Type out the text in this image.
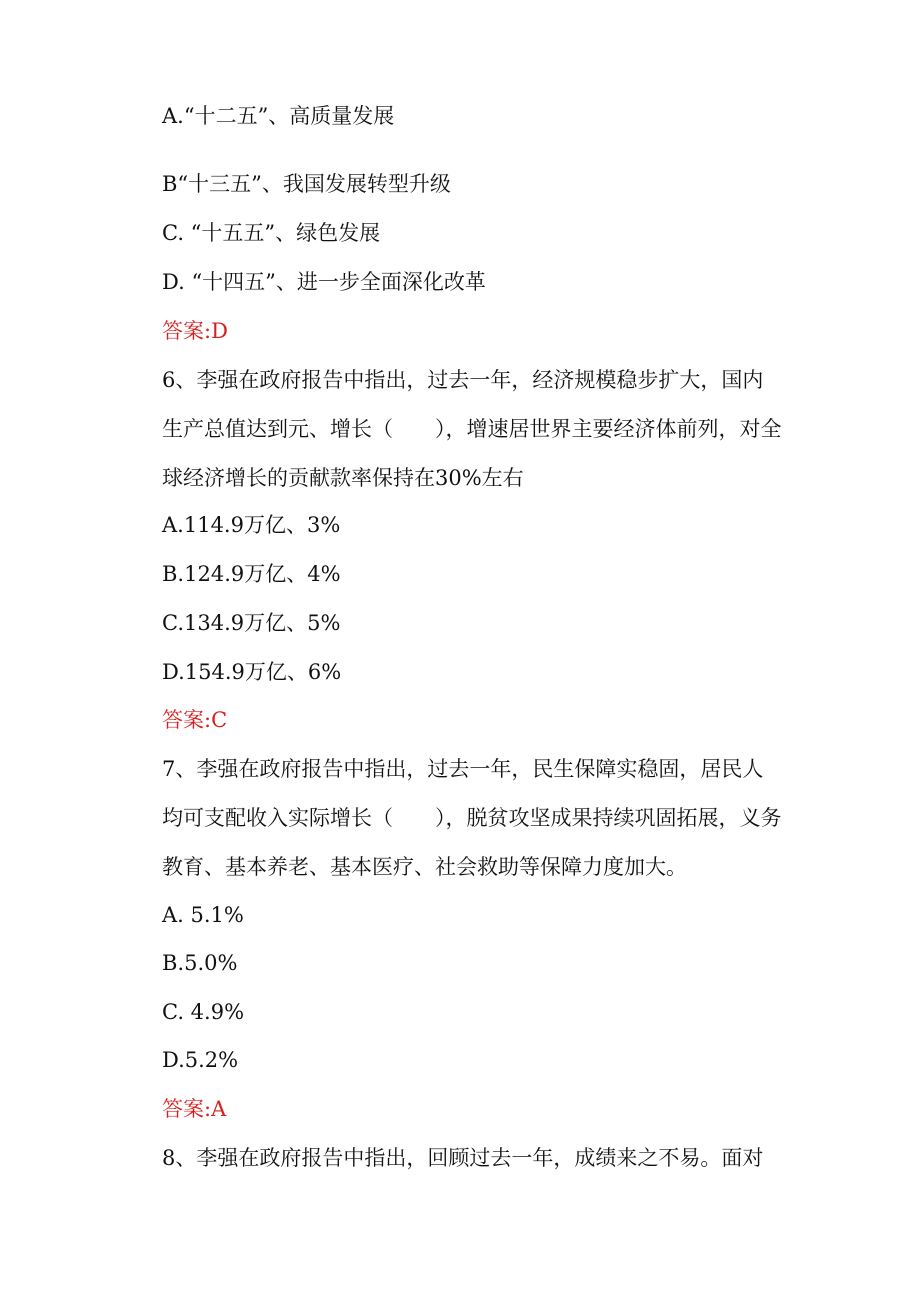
A.“十二五”、高质量发展
B“十三五”、我国发展转型升级
C. “十五五”、绿色发展
D. “十四五”、进一步全面深化改革
答案:D
6、李强在政府报告中指出，过去一年，经济规模稳步扩大，国内
生产总值达到元、增长（　　），增速居世界主要经济体前列，对全
球经济增长的贡献款率保持在30%左右
A.114.9万亿、3%
B.124.9万亿、4%
C.134.9万亿、5%
D.154.9万亿、6%
答案:C
7、李强在政府报告中指出，过去一年，民生保障实稳固，居民人
均可支配收入实际增长（　　），脱贫攻坚成果持续巩固拓展，义务
教育、基本养老、基本医疗、社会救助等保障力度加大。
A. 5.1%
B.5.0%
C. 4.9%
D.5.2%
答案:A
8、李强在政府报告中指出，回顾过去一年，成绩来之不易。面对
